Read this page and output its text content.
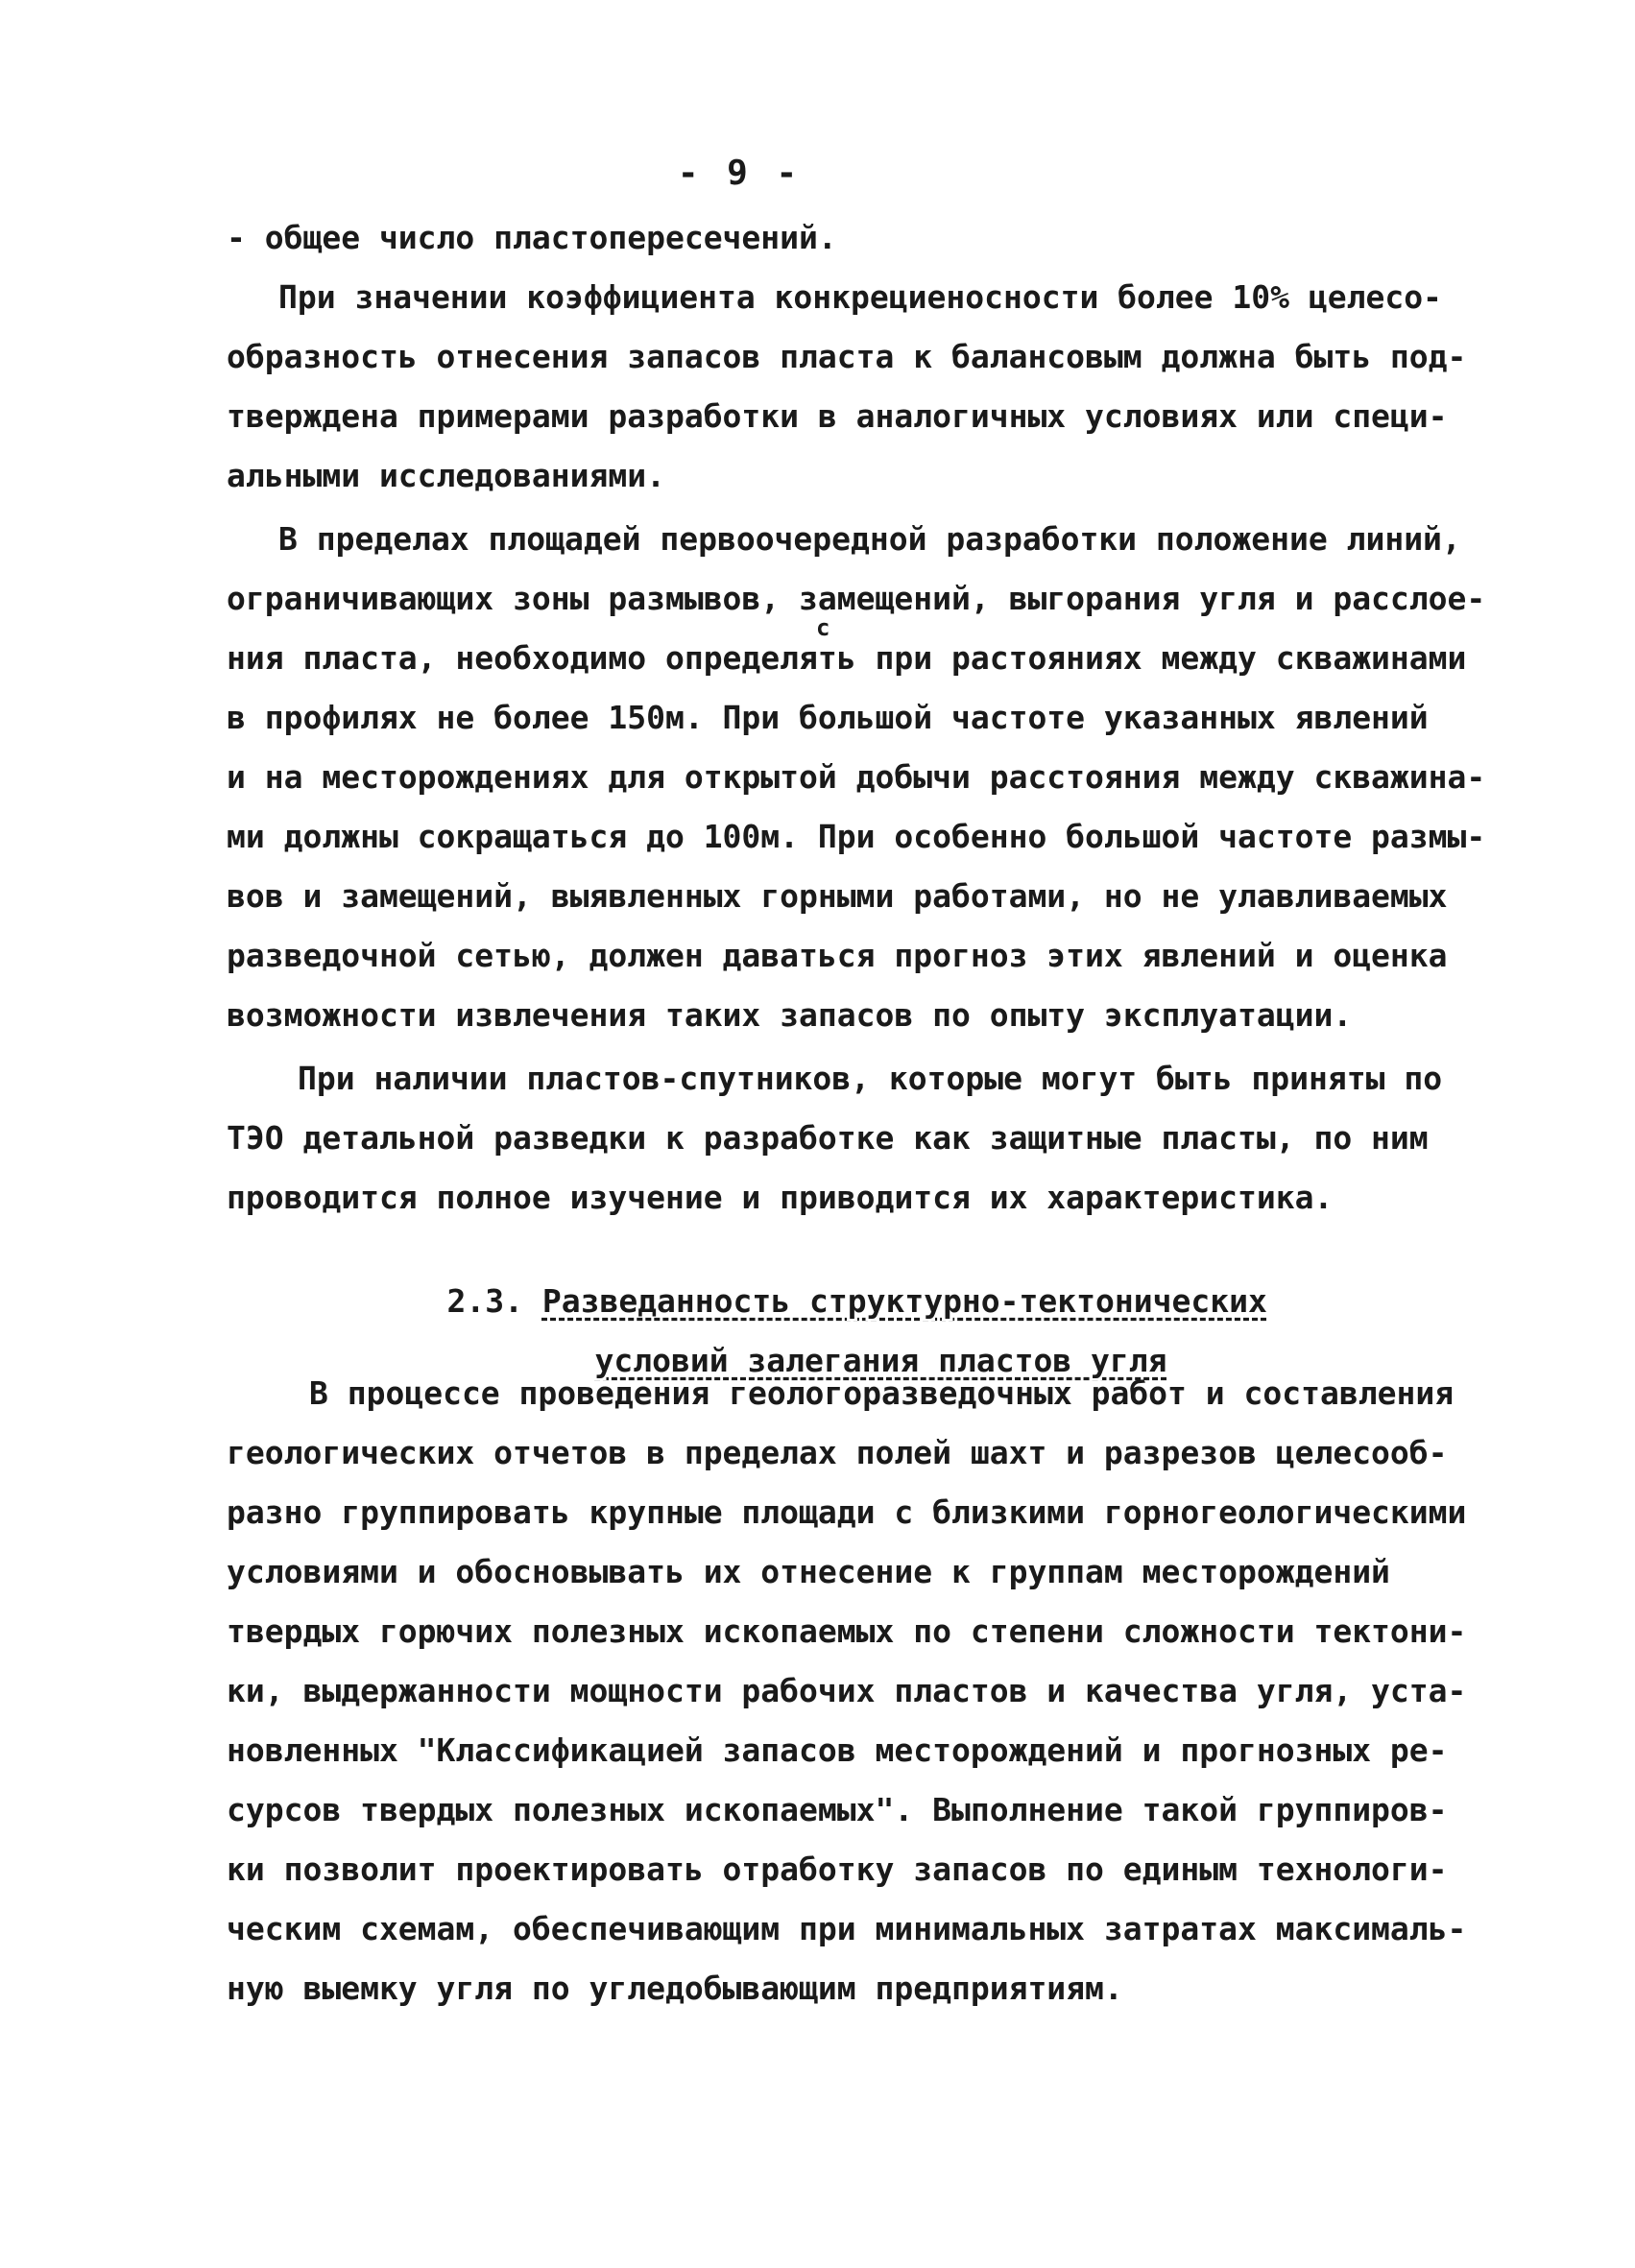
- 9 -
- общее число пластопересечений.
При значении коэффициента конкрециеносности более 10% целесо-
образность отнесения запасов пласта к балансовым должна быть под-
тверждена примерами разработки в аналогичных условиях или специ-
альными исследованиями.
В пределах площадей первоочередной разработки положение линий,
ограничивающих зоны размывов, замещений, выгорания угля и расслое-
ния пласта, необходимо определять при растояниях между скважинами
с
в профилях не более 150м. При большой частоте указанных явлений
и на месторождениях для открытой добычи расстояния между скважина-
ми должны сокращаться до 100м. При особенно большой частоте размы-
вов и замещений, выявленных горными работами, но не улавливаемых
разведочной сетью, должен даваться прогноз этих явлений и оценка
возможности извлечения таких запасов по опыту эксплуатации.
При наличии пластов-спутников, которые могут быть приняты по
ТЭО детальной разведки к разработке как защитные пласты, по ним
проводится полное изучение и приводится их характеристика.

2.3. Разведанность структурно-тектонических

условий залегания пластов угля

В процессе проведения геологоразведочных работ и составления
геологических отчетов в пределах полей шахт и разрезов целесооб-
разно группировать крупные площади с близкими горногеологическими
условиями и обосновывать их отнесение к группам месторождений
твердых горючих полезных ископаемых по степени сложности тектони-
ки, выдержанности мощности рабочих пластов и качества угля, уста-
новленных "Классификацией запасов месторождений и прогнозных ре-
сурсов твердых полезных ископаемых". Выполнение такой группиров-
ки позволит проектировать отработку запасов по единым технологи-
ческим схемам, обеспечивающим при минимальных затратах максималь-
ную выемку угля по угледобывающим предприятиям.
